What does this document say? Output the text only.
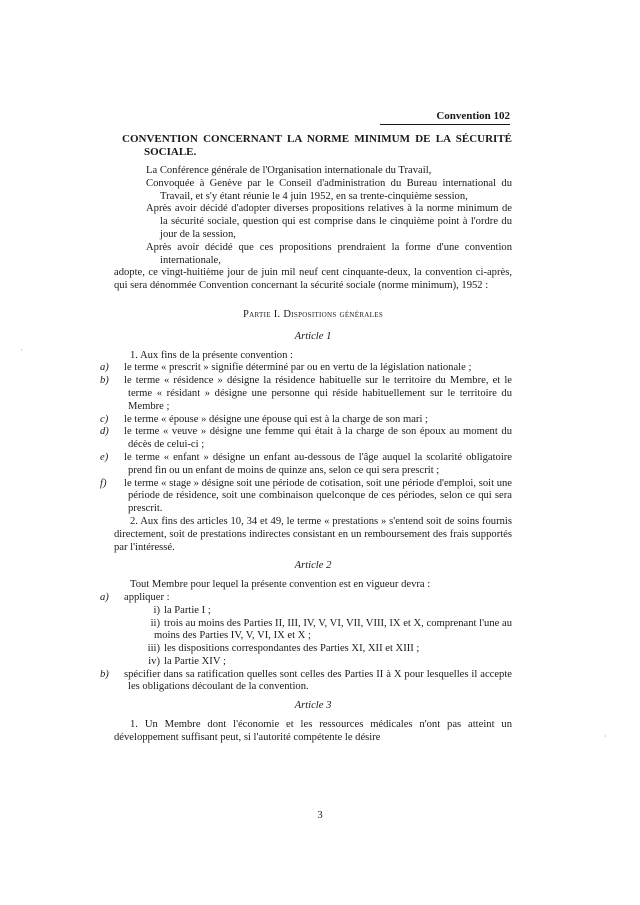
Convention 102

CONVENTION CONCERNANT LA NORME MINIMUM DE LA SÉCURITÉ SOCIALE.

La Conférence générale de l'Organisation internationale du Travail,

Convoquée à Genève par le Conseil d'administration du Bureau international du Travail, et s'y étant réunie le 4 juin 1952, en sa trente-cinquième session,

Après avoir décidé d'adopter diverses propositions relatives à la norme minimum de la sécurité sociale, question qui est comprise dans le cinquième point à l'ordre du jour de la session,

Après avoir décidé que ces propositions prendraient la forme d'une convention internationale,

adopte, ce vingt-huitième jour de juin mil neuf cent cinquante-deux, la convention ci-après, qui sera dénommée Convention concernant la sécurité sociale (norme minimum), 1952 :

Partie I. Dispositions générales
Article 1

1. Aux fins de la présente convention :

a)	le terme « prescrit » signifie déterminé par ou en vertu de la législation nationale ;

b)	le terme « résidence » désigne la résidence habituelle sur le territoire du Membre, et le terme « résidant » désigne une personne qui réside habituellement sur le territoire du Membre ;

c)	le terme « épouse » désigne une épouse qui est à la charge de son mari ;

d)	le terme « veuve » désigne une femme qui était à la charge de son époux au moment du décès de celui-ci ;

e)	le terme « enfant » désigne un enfant au-dessous de l'âge auquel la scolarité obligatoire prend fin ou un enfant de moins de quinze ans, selon ce qui sera prescrit ;

f)	le terme « stage » désigne soit une période de cotisation, soit une période d'emploi, soit une période de résidence, soit une combinaison quelconque de ces périodes, selon ce qui sera prescrit.

2. Aux fins des articles 10, 34 et 49, le terme « prestations » s'entend soit de soins fournis directement, soit de prestations indirectes consistant en un remboursement des frais supportés par l'intéressé.

Article 2

Tout Membre pour lequel la présente convention est en vigueur devra :

a)	appliquer :

i) la Partie I ;

ii) trois au moins des Parties II, III, IV, V, VI, VII, VIII, IX et X, comprenant l'une au moins des Parties IV, V, VI, IX et X ;

iii) les dispositions correspondantes des Parties XI, XII et XIII ;

iv) la Partie XIV ;

b)	spécifier dans sa ratification quelles sont celles des Parties II à X pour lesquelles il accepte les obligations découlant de la convention.

Article 3

1. Un Membre dont l'économie et les ressources médicales n'ont pas atteint un développement suffisant peut, si l'autorité compétente le désire

3
·
·
